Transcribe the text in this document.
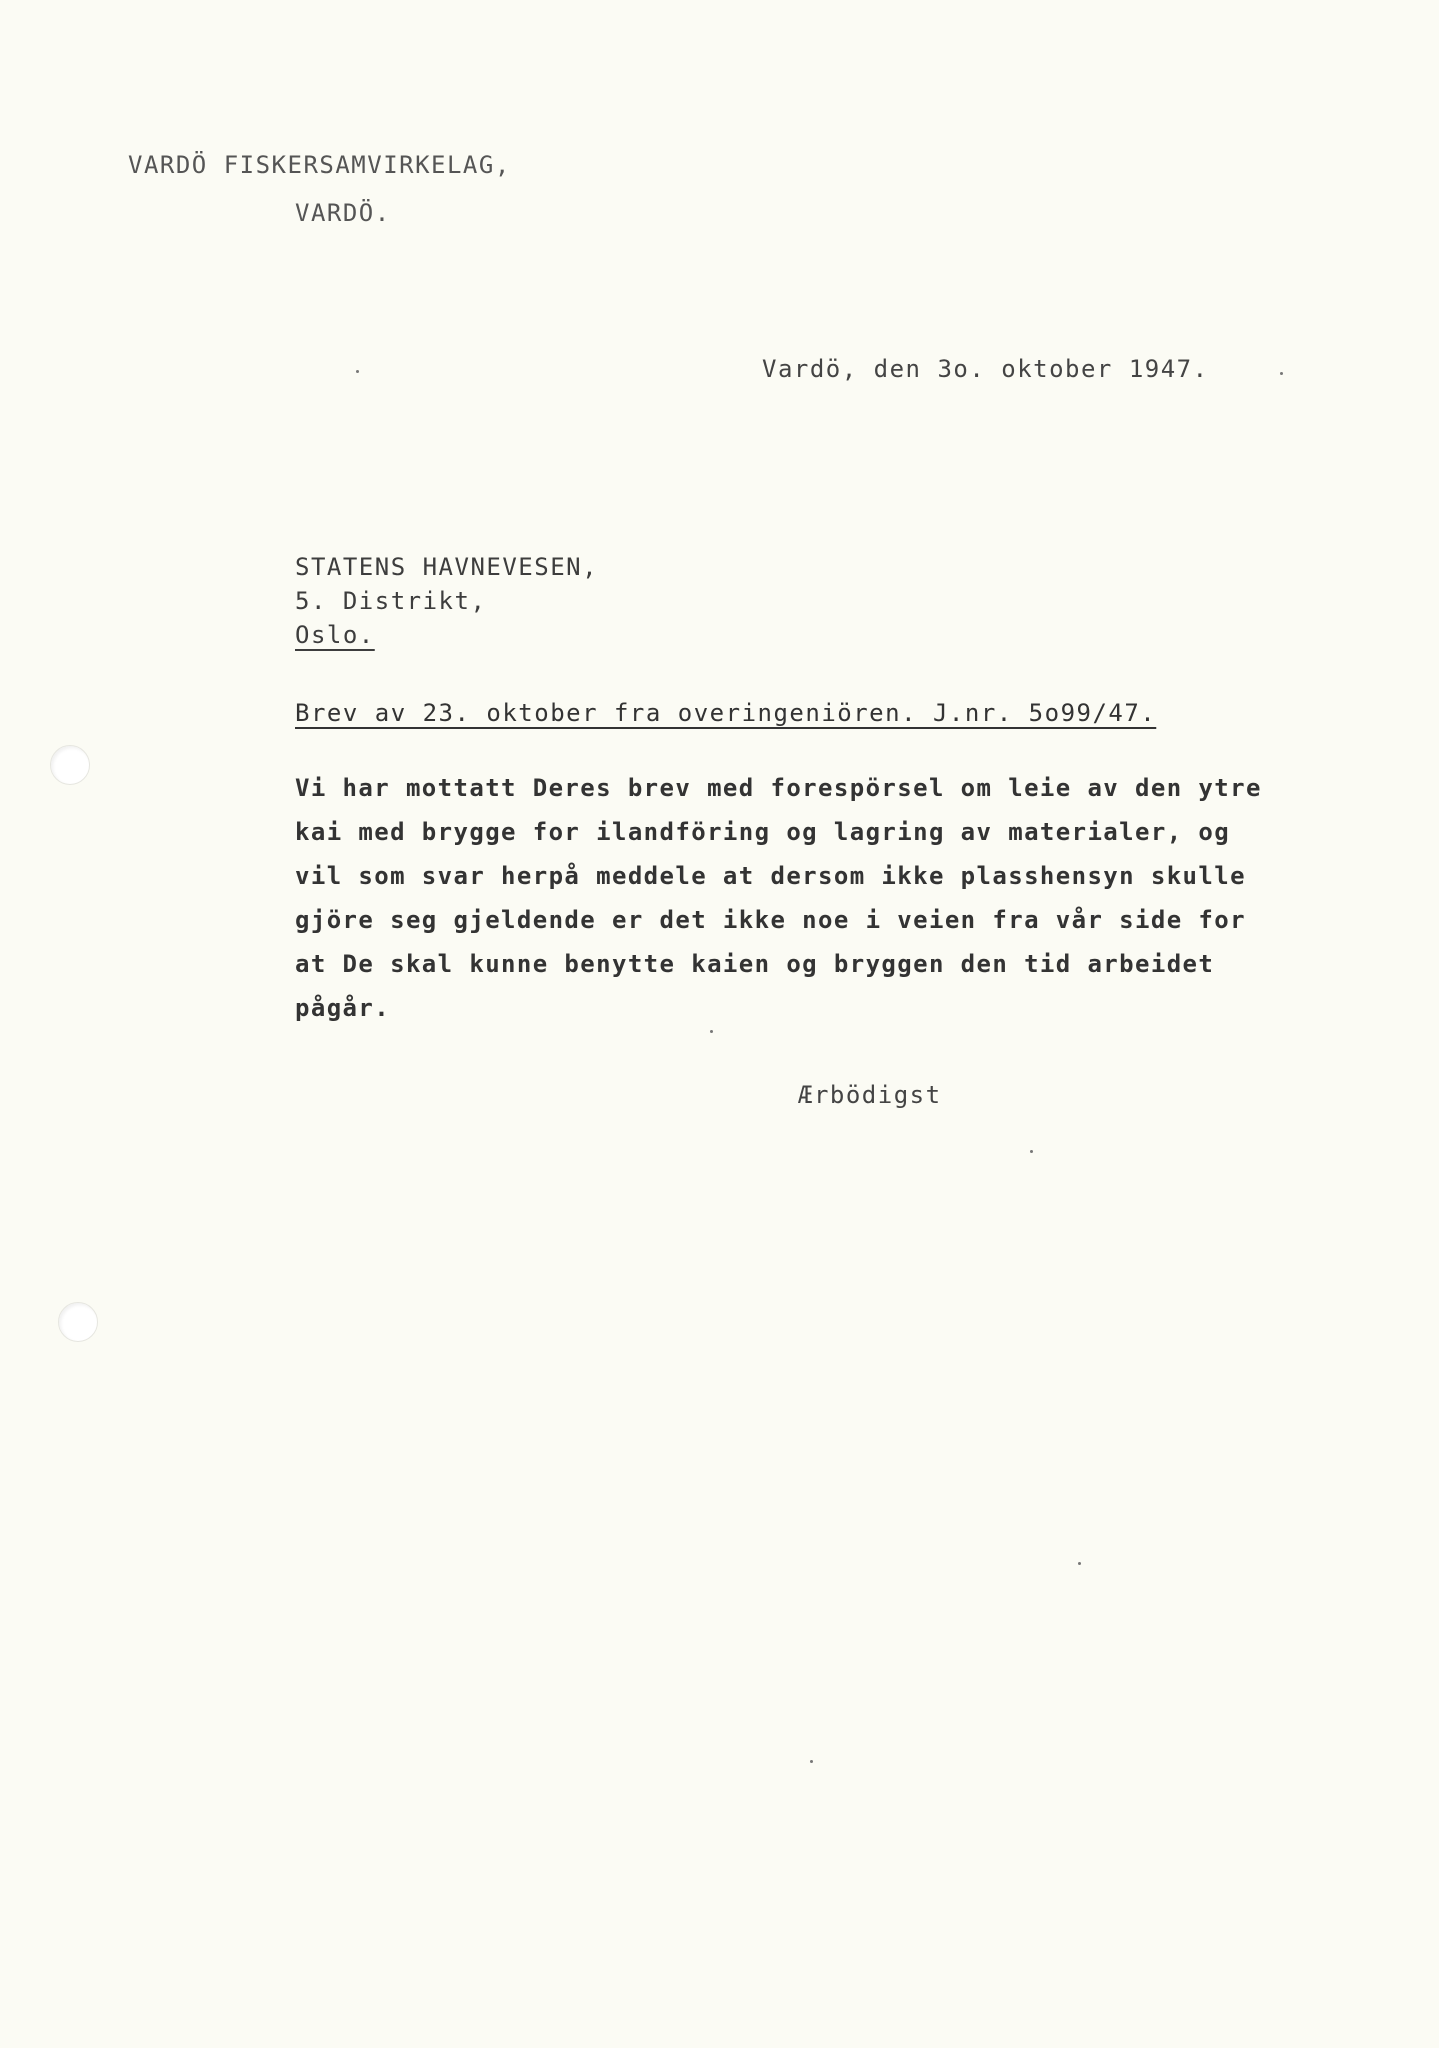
VARDÖ FISKERSAMVIRKELAG,
VARDÖ.
Vardö, den 3o. oktober 1947.
STATENS HAVNEVESEN,
5. Distrikt,
Oslo.
Brev av 23. oktober fra overingeniören. J.nr. 5o99/47.
Vi har mottatt Deres brev med forespörsel om leie av den ytre
kai med brygge for ilandföring og lagring av materialer, og
vil som svar herpå meddele at dersom ikke plasshensyn skulle
gjöre seg gjeldende er det ikke noe i veien fra vår side for
at De skal kunne benytte kaien og bryggen den tid arbeidet
pågår.
Ærbödigst
